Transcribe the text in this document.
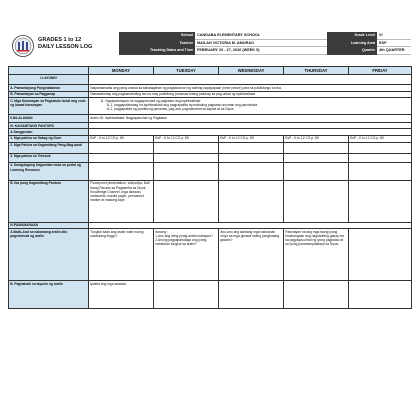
GRADES 1 to 12
DAILY LESSON LOG
School	CANDABA ELEMENTARY SCHOOL	Grade Level	VI
Teacher	MAILAH VICTORIA M. AMURAO	Learning Area	ESP
Teaching Dates and Time	FEBRUARY 23 - 27, 2026 (WEEK 5)	Quarter	4th QUARTER
	MONDAY	TUESDAY	WEDNESDAY	THURSDAY	FRIDAY
I.LAYUNIN					
A. Pamantayang Pangnilalaman	Naipamamalas ang pang-unawa sa kahalagahan ng pagkakaroon ng sariling kapayapaan (inner peace) para sa pakikitungo sa iba.				
B. Pamantayan sa Pagganap	Naisasabuhay ang pagkamabuting tao na may positibong pananaw bilang patunay sa pag-unlad ng ispiritwalidad.				
C. Mga Kasanayan sa Pagkatuto Isulat ang code ng bawat kasanayan	11. Napapatunayan na nagpapaunlad ng pagkatao ang ispiritwalidad
11.1. pagpapaliwanag na ispiritwalidad ang pagpapakita ng mabuting pagkatao anuman ang paniniwala
11.2. pagpapakita ng positibong pananaw, pag-asa, pagmamahal sa kapwa at sa Diyos				

II.NILALAMAN	Aralin 30: Ispiritwalidad: Nagpapaunlad ng Pagkatao				
III. KAGAMITANG PANTURO					
A.Sanggunian					
1. Mga pahina sa Gabay ng Guro	EsP - K to 12 CG p. 89	EsP - K to 12 CG p. 89	EsP - K to 12 CG p. 89	EsP - K to 12 CG p. 89	EsP - K to 12 CG p. 89
2. Mga Pahina sa Kagamitang Pang-Mag-aaral					
3. Mga pahina sa Teksbuk					
4. Karagdagang Kagamitan mula sa portal ng Learning Resource					
B. Iba pang Kagamitang Panturo	Powerpoint presentation, videoclips, Bai'l Ibang Panaan sa Pagsamba sa Diyos, Knowledge Channel, mga larawan, metacards, manila paper, permanent marker at masking tape				
IV.PAMAMARAAN					
A.Balik-Aral sa nakaraang aralin at/o pagsisimula ng aralin	Tungkol saan ang aralin natin noong nakaraang linggo?	Itanong :
1.Ano ang ating pinag-aralan kahapon?
2.Anong pagpapahalaga ang iyong natutuhan tungkol sa aralin?	Ano-ano ang kanilang mga natutunan ninyo sa mga ginawa nating pangkatang gawain?	Patunayan na ang mga taong iyong hinahangaan ang nagsisilbing gabay mo sa pagpapa-unlad ng iyong pagkatao at sa iyong pananampalataya sa Diyos.	
B. Paghahabi sa layunin ng aralin	Ipakita ang mga larawan.				
